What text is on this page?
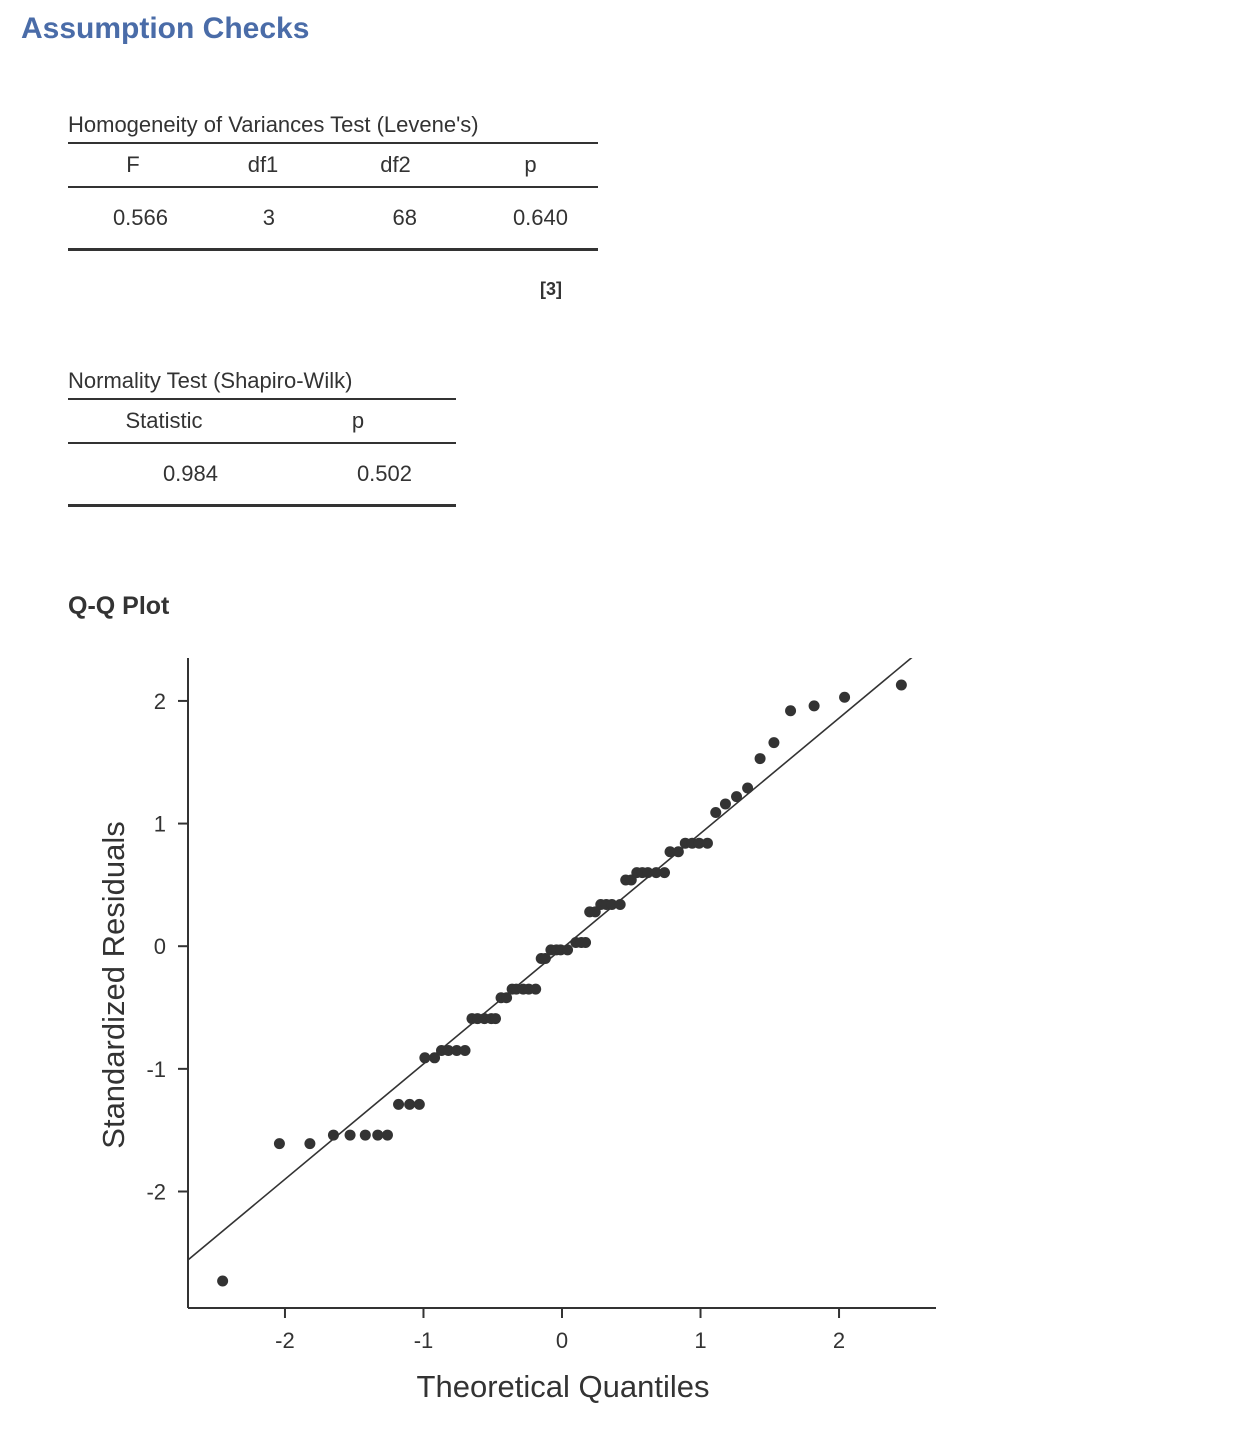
Assumption Checks
Homogeneity of Variances Test (Levene's)
F	df1	df2	p
0.566	3	68	0.640
[3]
Normality Test (Shapiro-Wilk)
Statistic	p
0.984	0.502
Q-Q Plot
-2	-1	0	1	2
-2
-1
0
1
2
Theoretical Quantiles
Standardized Residuals
